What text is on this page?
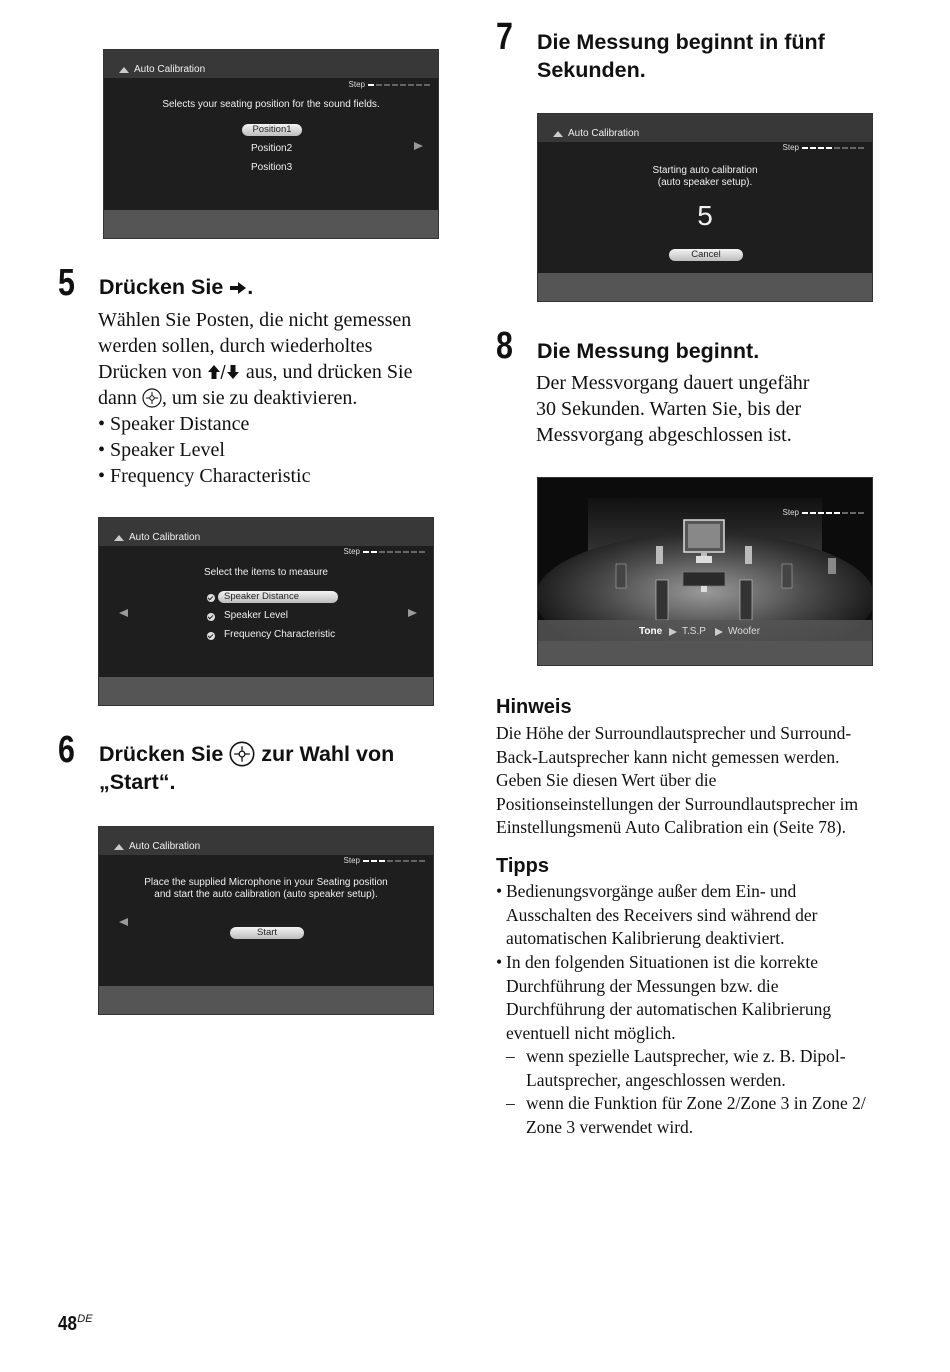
Auto Calibration
Step
Selects your seating position for the sound fields.
Position1
Position2
Position3
5 Drücken Sie .
Wählen Sie Posten, die nicht gemessen
werden sollen, durch wiederholtes
Drücken von aus, und drücken Sie
dann , um sie zu deaktivieren.
• Speaker Distance
• Speaker Level
• Frequency Characteristic
Auto Calibration
Step
Select the items to measure
Speaker Distance
Speaker Level
Frequency Characteristic
6 Drücken Sie zur Wahl von
„Start“.
Auto Calibration
Step
Place the supplied Microphone in your Seating position
and start the auto calibration (auto speaker setup).
Start
7 Die Messung beginnt in fünf
Sekunden.
Auto Calibration
Step
Starting auto calibration
(auto speaker setup).
5
Cancel
8 Die Messung beginnt.
Der Messvorgang dauert ungefähr
30 Sekunden. Warten Sie, bis der
Messvorgang abgeschlossen ist.
Step
Tone T.S.P Woofer
Hinweis
Die Höhe der Surroundlautsprecher und Surround-
Back-Lautsprecher kann nicht gemessen werden.
Geben Sie diesen Wert über die
Positionseinstellungen der Surroundlautsprecher im
Einstellungsmenü Auto Calibration ein (Seite 78).
Tipps
• Bedienungsvorgänge außer dem Ein- und
Ausschalten des Receivers sind während der
automatischen Kalibrierung deaktiviert.
• In den folgenden Situationen ist die korrekte
Durchführung der Messungen bzw. die
Durchführung der automatischen Kalibrierung
eventuell nicht möglich.
– wenn spezielle Lautsprecher, wie z. B. Dipol-
Lautsprecher, angeschlossen werden.
– wenn die Funktion für Zone 2/Zone 3 in Zone 2/
Zone 3 verwendet wird.
48DE
